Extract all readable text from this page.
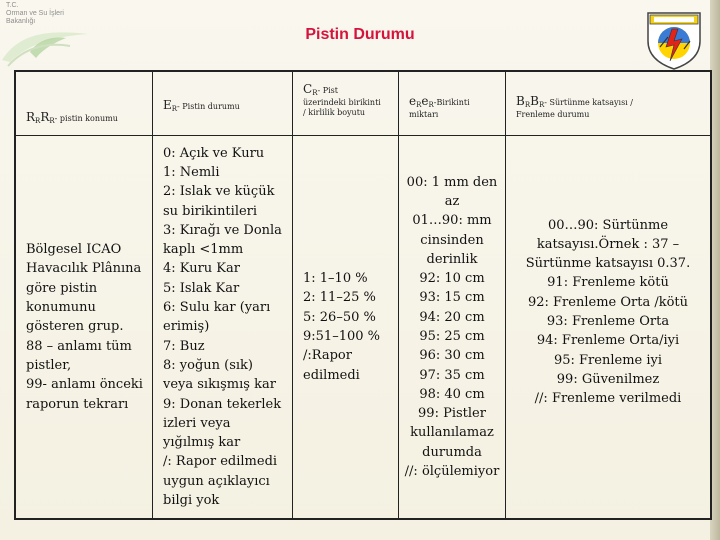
T.C.
Orman ve Su İşleri
Bakanlığı
Pistin Durumu
RRRR- pistin konumu
ER- Pistin durumu
CR- Pist
üzerindeki birikinti
/ kirlilik boyutu
eReR-Birikinti
miktarı
BRBR- Sürtünme katsayısı /
Frenleme durumu
Bölgesel ICAO
Havacılık Plânına
göre pistin
konumunu
gösteren grup.
88 – anlamı tüm
pistler,
99- anlamı önceki
raporun tekrarı
0: Açık ve Kuru
1: Nemli
2: Islak ve küçük
su birikintileri
3: Kırağı ve Donla
kaplı <1mm
4: Kuru Kar
5: Islak Kar
6: Sulu kar (yarı
erimiş)
7: Buz
8: yoğun (sık)
veya sıkışmış kar
9: Donan tekerlek
izleri veya
yığılmış kar
/: Rapor edilmedi
uygun açıklayıcı
bilgi yok
1: 1–10 %
2: 11–25 %
5: 26–50 %
9:51–100 %
/:Rapor
edilmedi
00: 1 mm den
az
01…90: mm
cinsinden
derinlik
92: 10 cm
93: 15 cm
94: 20 cm
95: 25 cm
96: 30 cm
97: 35 cm
98: 40 cm
99: Pistler
kullanılamaz
durumda
//: ölçülemiyor
00…90: Sürtünme
katsayısı.Örnek : 37 –
Sürtünme katsayısı 0.37.
91: Frenleme kötü
92: Frenleme Orta /kötü
93: Frenleme Orta
94: Frenleme Orta/iyi
95: Frenleme iyi
99: Güvenilmez
//: Frenleme verilmedi
